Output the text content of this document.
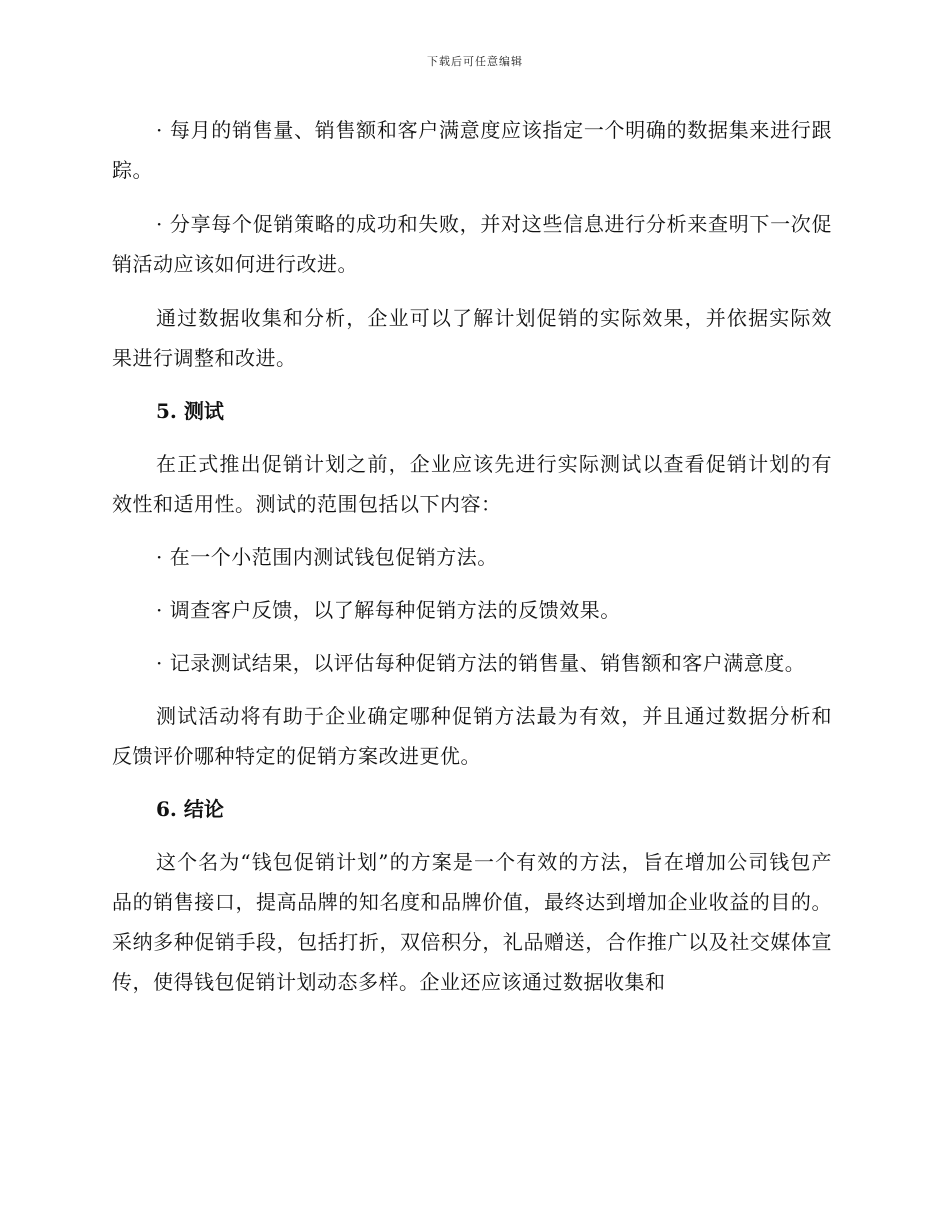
下载后可任意编辑

· 每月的销售量、销售额和客户满意度应该指定一个明确的数据集来进行跟踪。

· 分享每个促销策略的成功和失败，并对这些信息进行分析来查明下一次促销活动应该如何进行改进。

通过数据收集和分析，企业可以了解计划促销的实际效果，并依据实际效果进行调整和改进。

5. 测试

在正式推出促销计划之前，企业应该先进行实际测试以查看促销计划的有效性和适用性。测试的范围包括以下内容：

· 在一个小范围内测试钱包促销方法。

· 调查客户反馈，以了解每种促销方法的反馈效果。

· 记录测试结果，以评估每种促销方法的销售量、销售额和客户满意度。

测试活动将有助于企业确定哪种促销方法最为有效，并且通过数据分析和反馈评价哪种特定的促销方案改进更优。

6. 结论

这个名为“钱包促销计划”的方案是一个有效的方法，旨在增加公司钱包产品的销售接口，提高品牌的知名度和品牌价值，最终达到增加企业收益的目的。采纳多种促销手段，包括打折，双倍积分，礼品赠送，合作推广以及社交媒体宣传，使得钱包促销计划动态多样。企业还应该通过数据收集和
